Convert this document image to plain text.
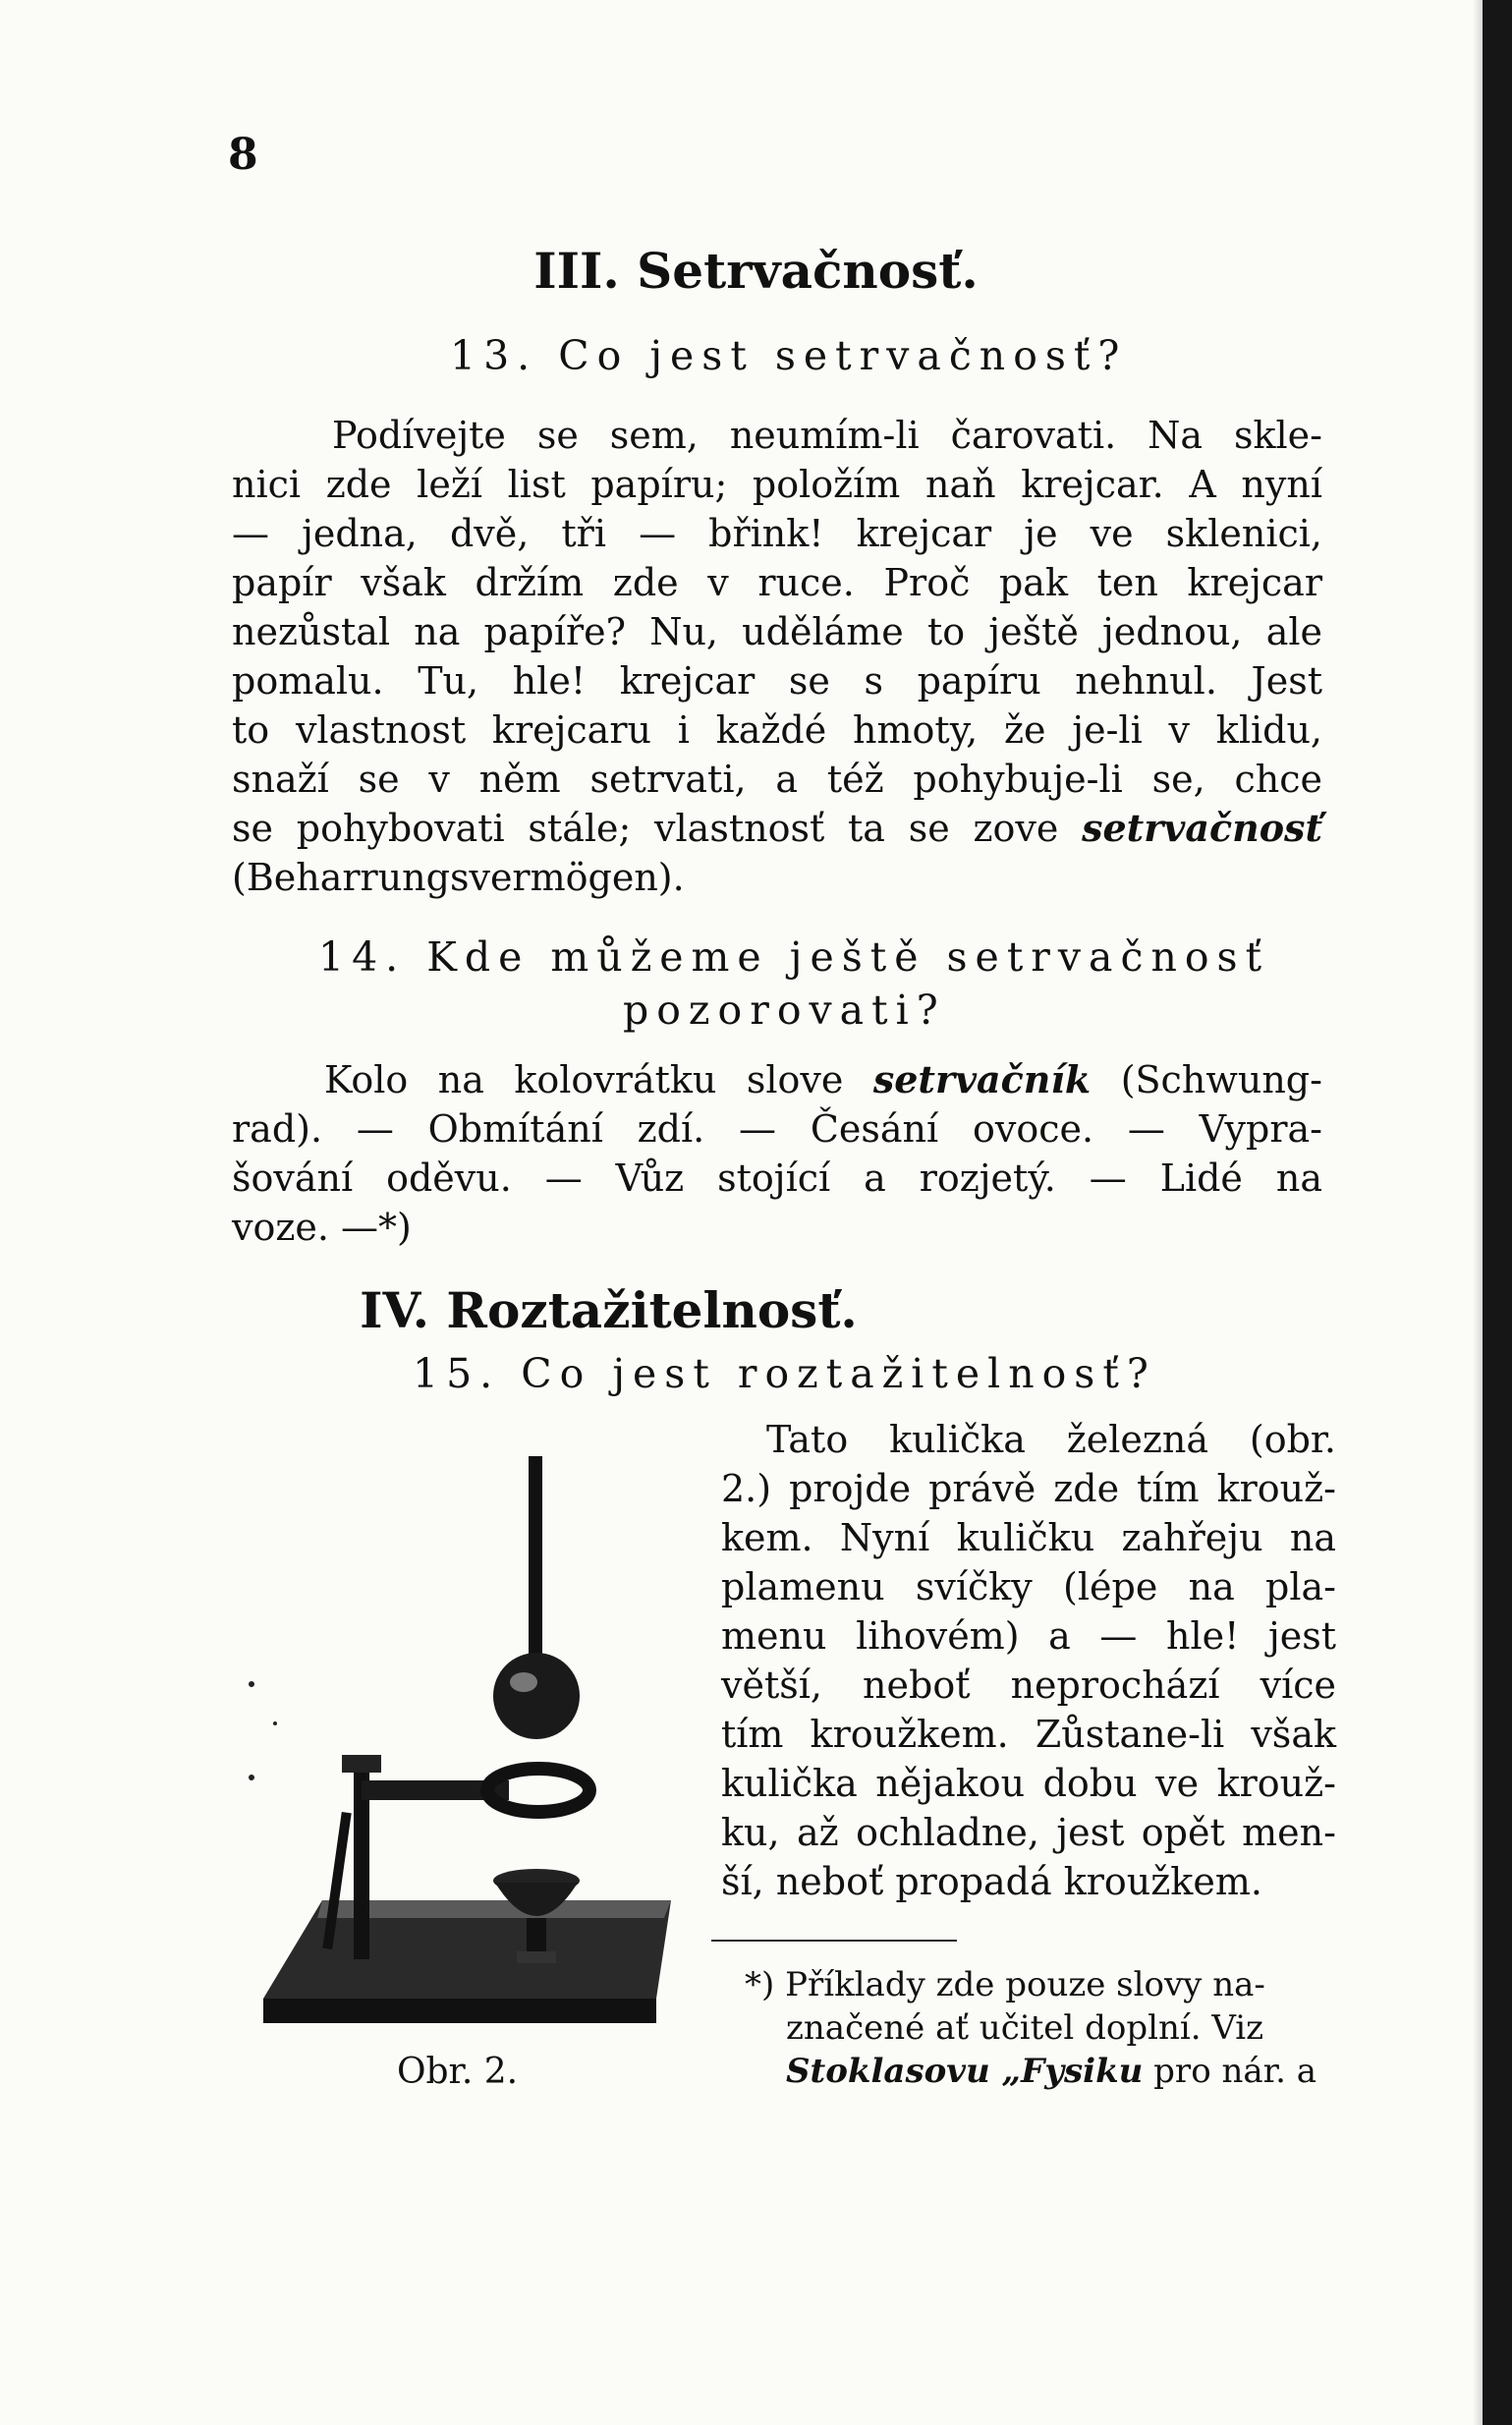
8
III. Setrvačnosť.
13. Co jest setrvačnosť?
Podívejte se sem, neumím-li čarovati. Na skle-
nici zde leží list papíru; položím naň krejcar. A nyní
— jedna, dvě, tři — břink! krejcar je ve sklenici,
papír však držím zde v ruce. Proč pak ten krejcar
nezůstal na papíře? Nu, uděláme to ještě jednou, ale
pomalu. Tu, hle! krejcar se s papíru nehnul. Jest
to vlastnost krejcaru i každé hmoty, že je-li v klidu,
snaží se v něm setrvati, a též pohybuje-li se, chce
se pohybovati stále; vlastnosť ta se zove setrvačnosť
(Beharrungsvermögen).
14. Kde můžeme ještě setrvačnosť
pozorovati?
Kolo na kolovrátku slove setrvačník (Schwung-
rad). — Obmítání zdí. — Česání ovoce. — Vypra-
šování oděvu. — Vůz stojící a rozjetý. — Lidé na
voze. —*)
IV. Roztažitelnosť.
15. Co jest roztažitelnosť?
Tato kulička železná (obr.
2.) projde právě zde tím krouž-
kem. Nyní kuličku zahřeju na
plamenu svíčky (lépe na pla-
menu lihovém) a — hle! jest
větší, neboť neprochází více
tím kroužkem. Zůstane-li však
kulička nějakou dobu ve krouž-
ku, až ochladne, jest opět men-
ší, neboť propadá kroužkem.
Obr. 2.
*) Příklady zde pouze slovy na-
značené ať učitel doplní. Viz
Stoklasovu „Fysiku pro nár. a
